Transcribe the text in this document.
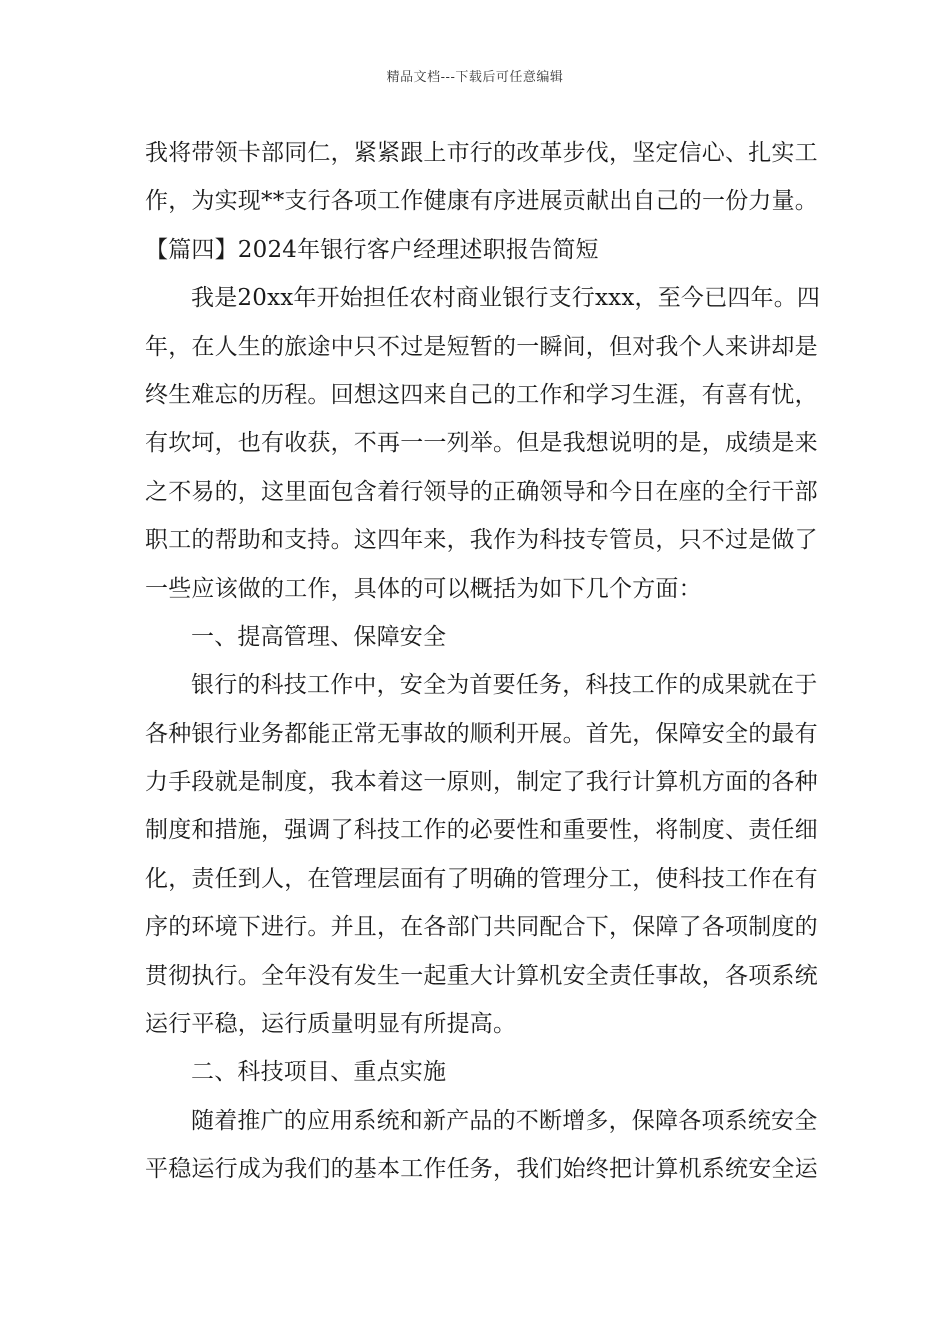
精品文档---下载后可任意编辑
我将带领卡部同仁，紧紧跟上市行的改革步伐，坚定信心、扎实工
作，为实现**支行各项工作健康有序进展贡献出自己的一份力量。
【篇四】2024年银行客户经理述职报告简短
我是20xx年开始担任农村商业银行支行xxx，至今已四年。四
年，在人生的旅途中只不过是短暂的一瞬间，但对我个人来讲却是
终生难忘的历程。回想这四来自己的工作和学习生涯，有喜有忧，
有坎坷，也有收获，不再一一列举。但是我想说明的是，成绩是来
之不易的，这里面包含着行领导的正确领导和今日在座的全行干部
职工的帮助和支持。这四年来，我作为科技专管员，只不过是做了
一些应该做的工作，具体的可以概括为如下几个方面：
一、提高管理、保障安全
银行的科技工作中，安全为首要任务，科技工作的成果就在于
各种银行业务都能正常无事故的顺利开展。首先，保障安全的最有
力手段就是制度，我本着这一原则，制定了我行计算机方面的各种
制度和措施，强调了科技工作的必要性和重要性，将制度、责任细
化，责任到人，在管理层面有了明确的管理分工，使科技工作在有
序的环境下进行。并且，在各部门共同配合下，保障了各项制度的
贯彻执行。全年没有发生一起重大计算机安全责任事故，各项系统
运行平稳，运行质量明显有所提高。
二、科技项目、重点实施
随着推广的应用系统和新产品的不断增多，保障各项系统安全
平稳运行成为我们的基本工作任务，我们始终把计算机系统安全运
